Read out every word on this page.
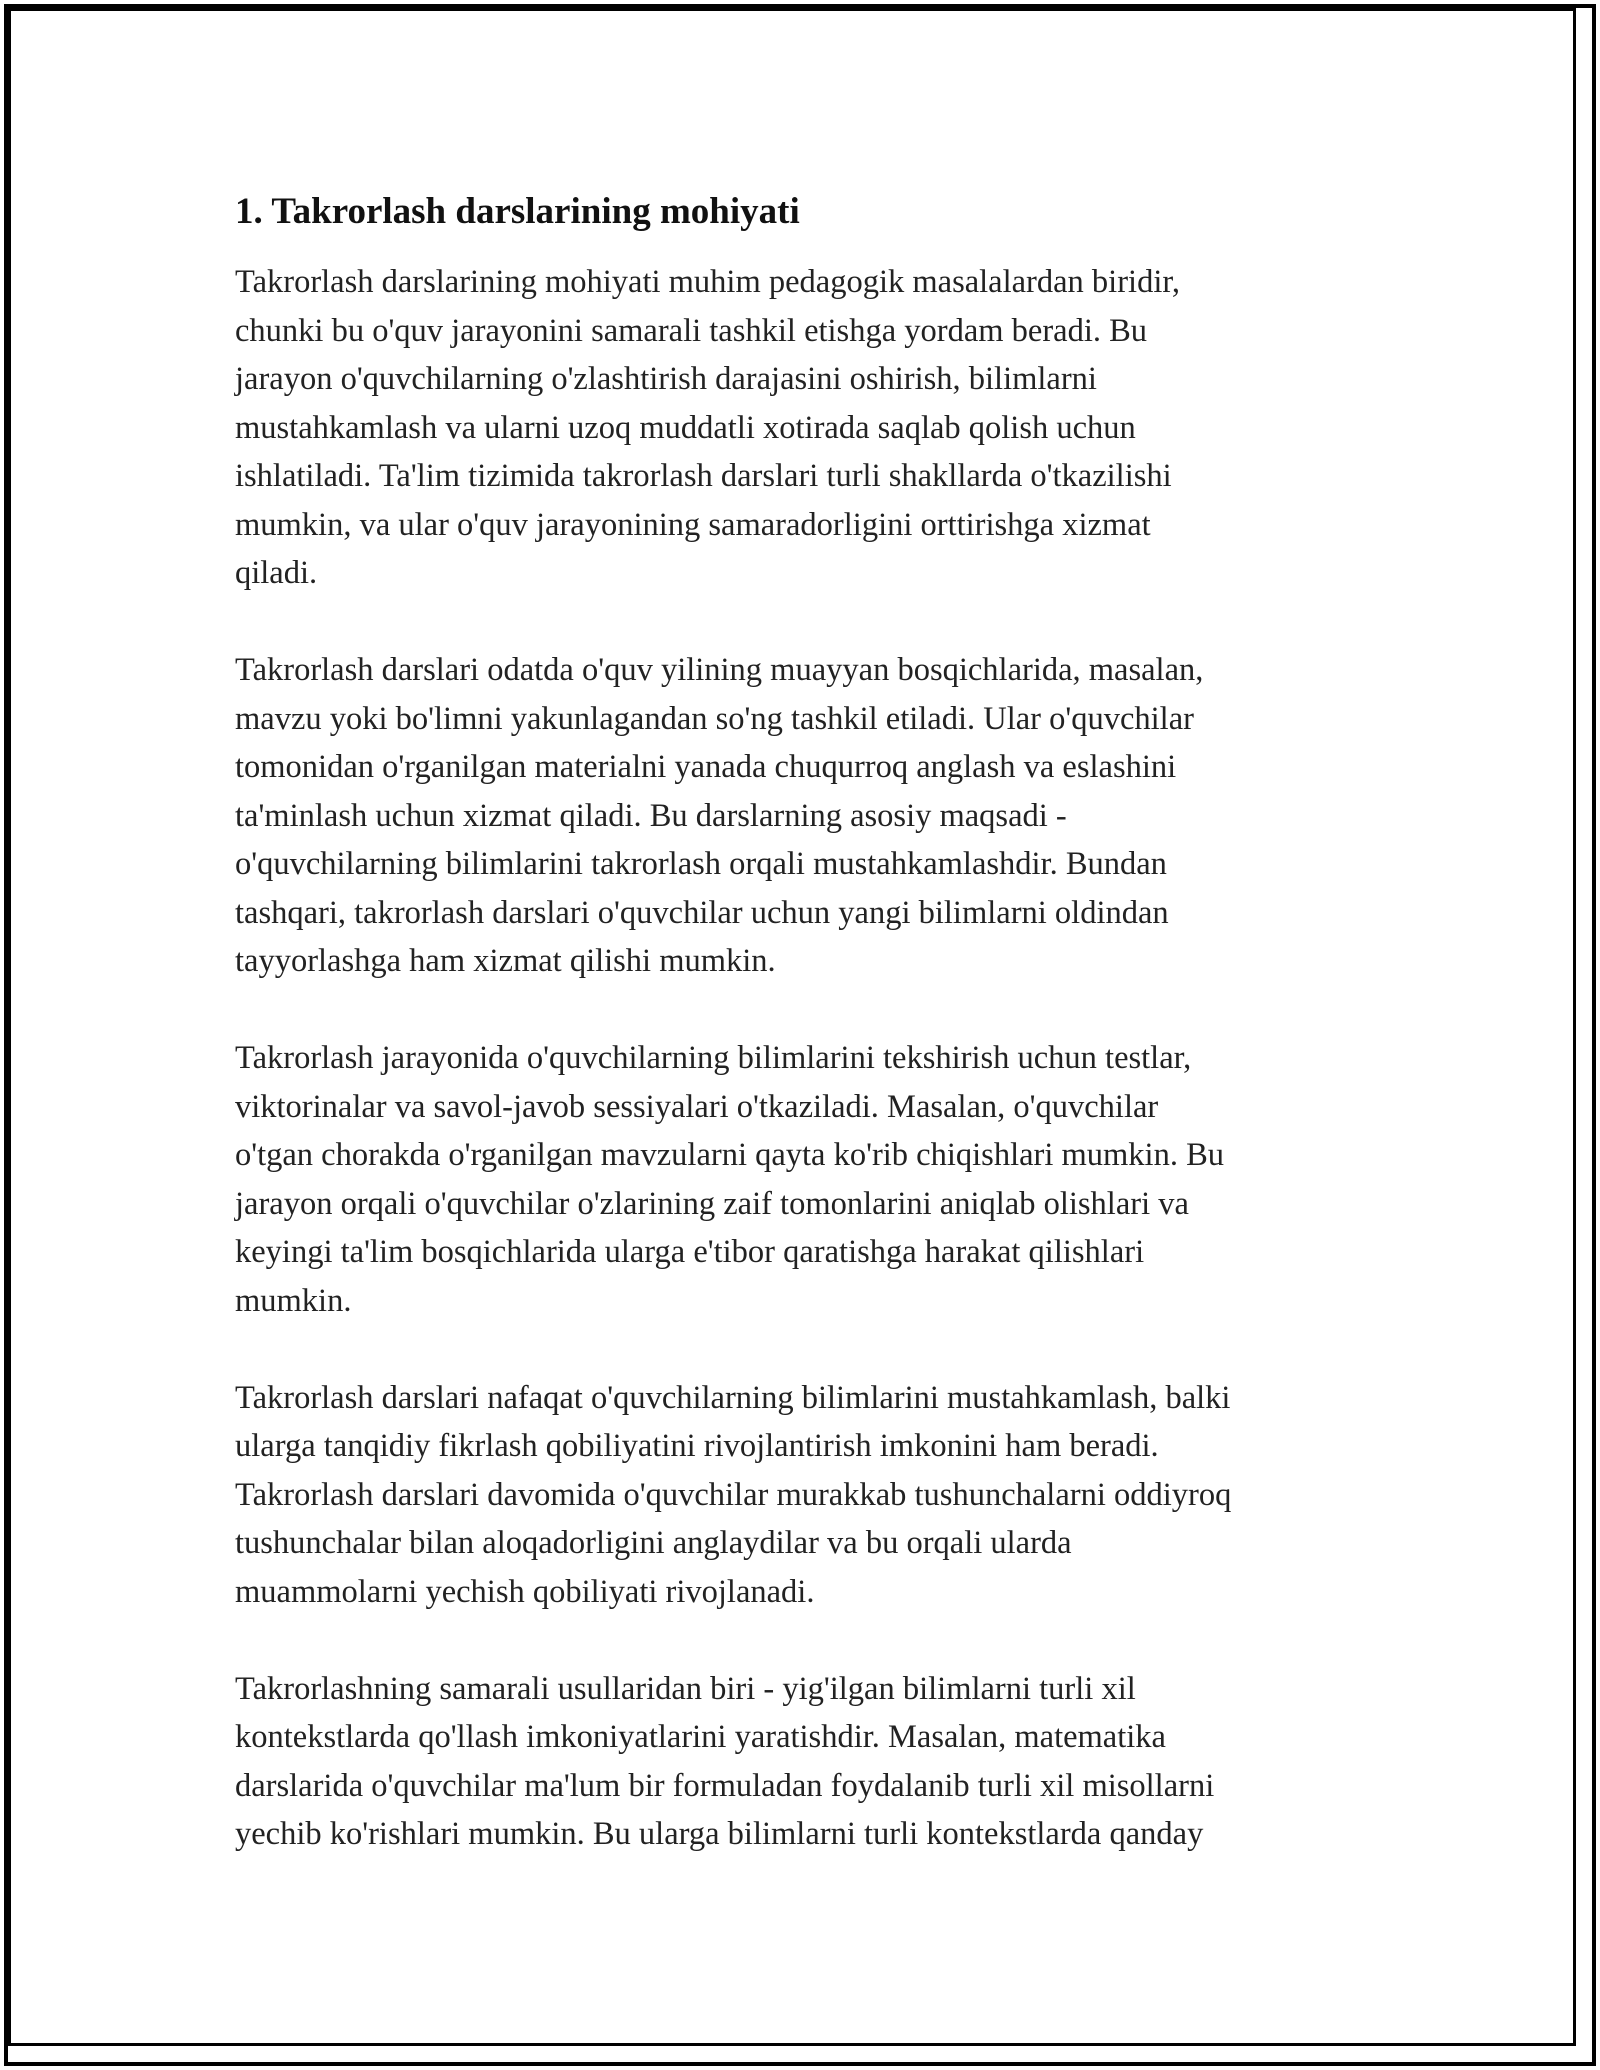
1. Takrorlash darslarining mohiyati

Takrorlash darslarining mohiyati muhim pedagogik masalalardan biridir,
chunki bu o'quv jarayonini samarali tashkil etishga yordam beradi. Bu
jarayon o'quvchilarning o'zlashtirish darajasini oshirish, bilimlarni
mustahkamlash va ularni uzoq muddatli xotirada saqlab qolish uchun
ishlatiladi. Ta'lim tizimida takrorlash darslari turli shakllarda o'tkazilishi
mumkin, va ular o'quv jarayonining samaradorligini orttirishga xizmat
qiladi.

Takrorlash darslari odatda o'quv yilining muayyan bosqichlarida, masalan,
mavzu yoki bo'limni yakunlagandan so'ng tashkil etiladi. Ular o'quvchilar
tomonidan o'rganilgan materialni yanada chuqurroq anglash va eslashini
ta'minlash uchun xizmat qiladi. Bu darslarning asosiy maqsadi -
o'quvchilarning bilimlarini takrorlash orqali mustahkamlashdir. Bundan
tashqari, takrorlash darslari o'quvchilar uchun yangi bilimlarni oldindan
tayyorlashga ham xizmat qilishi mumkin.

Takrorlash jarayonida o'quvchilarning bilimlarini tekshirish uchun testlar,
viktorinalar va savol-javob sessiyalari o'tkaziladi. Masalan, o'quvchilar
o'tgan chorakda o'rganilgan mavzularni qayta ko'rib chiqishlari mumkin. Bu
jarayon orqali o'quvchilar o'zlarining zaif tomonlarini aniqlab olishlari va
keyingi ta'lim bosqichlarida ularga e'tibor qaratishga harakat qilishlari
mumkin.

Takrorlash darslari nafaqat o'quvchilarning bilimlarini mustahkamlash, balki
ularga tanqidiy fikrlash qobiliyatini rivojlantirish imkonini ham beradi.
Takrorlash darslari davomida o'quvchilar murakkab tushunchalarni oddiyroq
tushunchalar bilan aloqadorligini anglaydilar va bu orqali ularda
muammolarni yechish qobiliyati rivojlanadi.

Takrorlashning samarali usullaridan biri - yig'ilgan bilimlarni turli xil
kontekstlarda qo'llash imkoniyatlarini yaratishdir. Masalan, matematika
darslarida o'quvchilar ma'lum bir formuladan foydalanib turli xil misollarni
yechib ko'rishlari mumkin. Bu ularga bilimlarni turli kontekstlarda qanday
